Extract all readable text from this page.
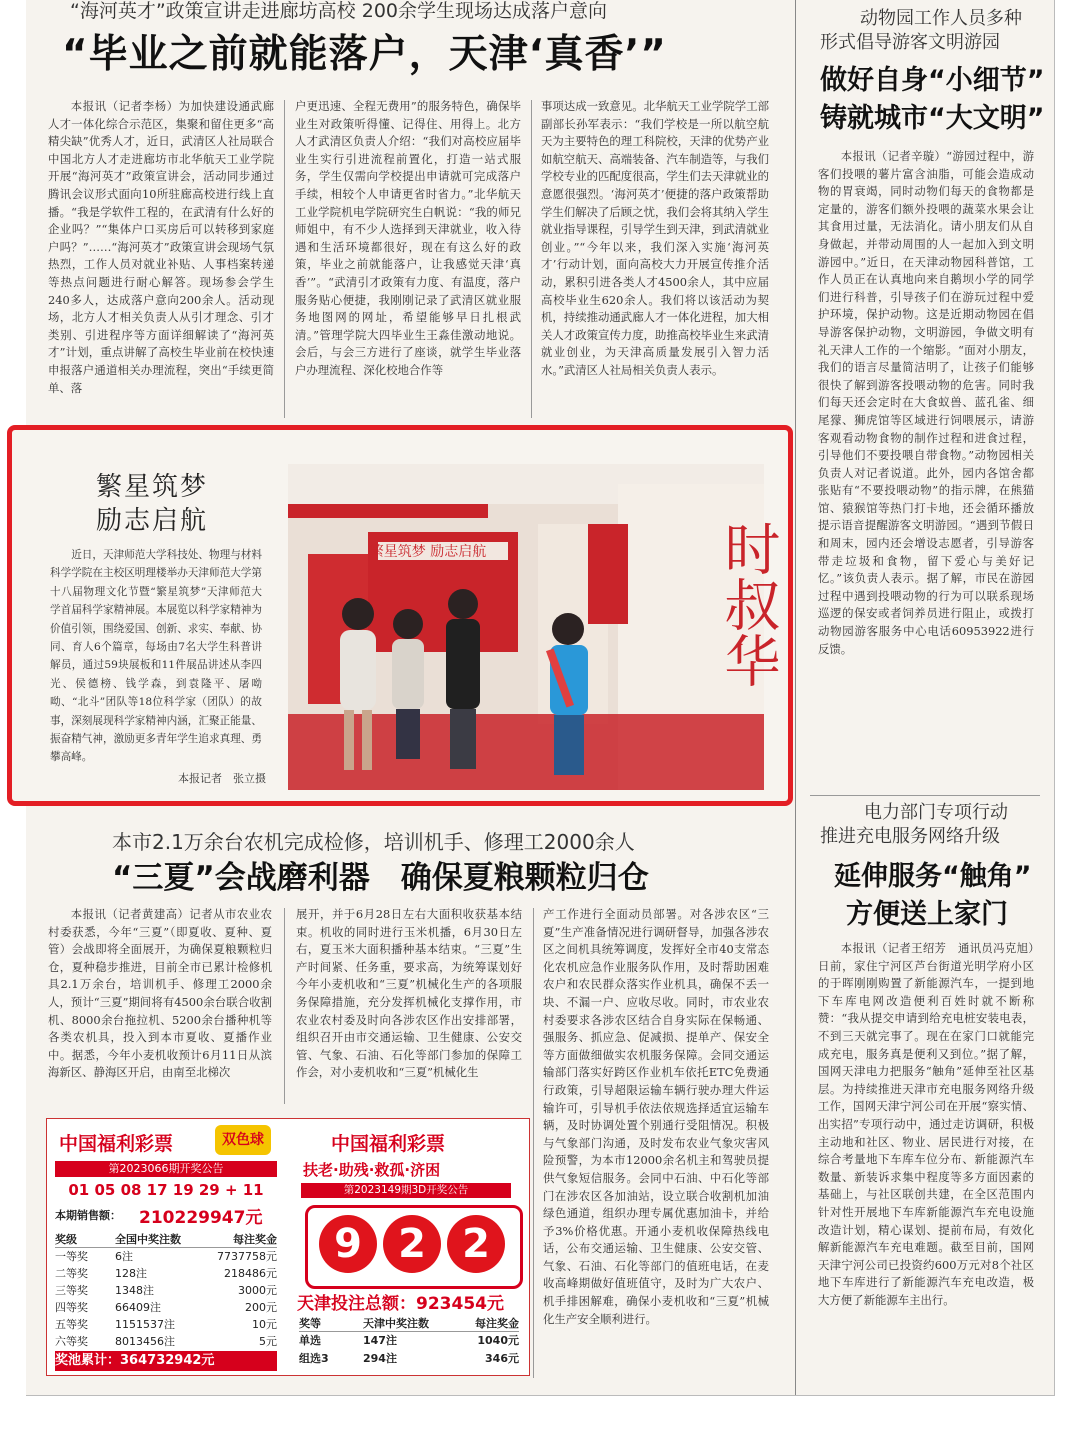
“海河英才”政策宣讲走进廊坊高校 200余学生现场达成落户意向
“毕业之前就能落户，天津‘真香’”

本报讯（记者李杨）为加快建设通武廊人才一体化综合示范区，集聚和留住更多“高精尖缺”优秀人才，近日，武清区人社局联合中国北方人才走进廊坊市北华航天工业学院开展“海河英才”政策宣讲会，活动同步通过腾讯会议形式面向10所驻廊高校进行线上直播。“我是学软件工程的，在武清有什么好的企业吗？”“集体户口买房后可以转移到家庭户吗？”……“海河英才”政策宣讲会现场气氛热烈，工作人员对就业补贴、人事档案转递等热点问题进行耐心解答。现场参会学生240多人，达成落户意向200余人。活动现场，北方人才相关负责人从引才理念、引才类别、引进程序等方面详细解读了“海河英才”计划，重点讲解了高校生毕业前在校快速申报落户通道相关办理流程，突出“手续更简单、落

户更迅速、全程无费用”的服务特色，确保毕业生对政策听得懂、记得住、用得上。北方人才武清区负责人介绍：“我们对高校应届毕业生实行引进流程前置化，打造一站式服务，学生仅需向学校提出申请就可完成落户手续，相较个人申请更省时省力。”北华航天工业学院机电学院研究生白帆说：“我的师兄师姐中，有不少人选择到天津就业，收入待遇和生活环境都很好，现在有这么好的政策，毕业之前就能落户，让我感觉天津‘真香’”。“武清引才政策有力度、有温度，落户服务贴心便捷，我刚刚记录了武清区就业服务地图网的网址，希望能够早日扎根武清。”管理学院大四毕业生王淼佳激动地说。会后，与会三方进行了座谈，就学生毕业落户办理流程、深化校地合作等

事项达成一致意见。北华航天工业学院学工部副部长孙军表示：“我们学校是一所以航空航天为主要特色的理工科院校，天津的优势产业如航空航天、高端装备、汽车制造等，与我们学校专业的匹配度很高，学生们去天津就业的意愿很强烈。‘海河英才’便捷的落户政策帮助学生们解决了后顾之忧，我们会将其纳入学生就业指导课程，引导学生到天津，到武清就业创业。”“今年以来，我们深入实施‘海河英才’行动计划，面向高校大力开展宣传推介活动，累积引进各类人才4500余人，其中应届高校毕业生620余人。我们将以该活动为契机，持续推动通武廊人才一体化进程，加大相关人才政策宣传力度，助推高校毕业生来武清就业创业，为天津高质量发展引入智力活水。”武清区人社局相关负责人表示。

繁星筑梦
励志启航

近日，天津师范大学科技处、物理与材料科学学院在主校区明理楼举办天津师范大学第十八届物理文化节暨“繁星筑梦”天津师范大学首届科学家精神展。本展览以科学家精神为价值引领，围绕爱国、创新、求实、奉献、协同、育人6个篇章，每场由7名大学生科普讲解员，通过59块展板和11件展品讲述从李四光、侯德榜、钱学森，到袁隆平、屠呦呦、“北斗”团队等18位科学家（团队）的故事，深刻展现科学家精神内涵，汇聚正能量、振奋精气神，激励更多青年学生追求真理、勇攀高峰。

本报记者　张立摄
时叔华
繁星筑梦 励志启航
本市2.1万余台农机完成检修，培训机手、修理工2000余人
“三夏”会战磨利器　确保夏粮颗粒归仓

本报讯（记者黄建高）记者从市农业农村委获悉，今年“三夏”（即夏收、夏种、夏管）会战即将全面展开，为确保夏粮颗粒归仓，夏种稳步推进，目前全市已累计检修机具2.1万余台，培训机手、修理工2000余人，预计“三夏”期间将有4500余台联合收割机、8000余台拖拉机、5200余台播种机等各类农机具，投入到本市夏收、夏播作业中。据悉，今年小麦机收预计6月11日从滨海新区、静海区开启，由南至北梯次

展开，并于6月28日左右大面积收获基本结束。机收的同时进行玉米机播，6月30日左右，夏玉米大面积播种基本结束。“三夏”生产时间紧、任务重，要求高，为统筹谋划好今年小麦机收和“三夏”机械化生产的各项服务保障措施，充分发挥机械化支撑作用，市农业农村委及时向各涉农区作出安排部署，组织召开由市交通运输、卫生健康、公安交管、气象、石油、石化等部门参加的保障工作会，对小麦机收和“三夏”机械化生

产工作进行全面动员部署。对各涉农区“三夏”生产准备情况进行调研督导，加强各涉农区之间机具统筹调度，发挥好全市40支常态化农机应急作业服务队作用，及时帮助困难农户和农民群众落实作业机具，确保不丢一块、不漏一户、应收尽收。同时，市农业农村委要求各涉农区结合自身实际在保畅通、强服务、抓应急、促减损、提单产、保安全等方面做细做实农机服务保障。会同交通运输部门落实好跨区作业机车依托ETC免费通行政策，引导超限运输车辆行驶办理大件运输许可，引导机手依法依规选择适宜运输车辆，及时协调处置个别通行受阻情况。积极与气象部门沟通，及时发布农业气象灾害风险预警，为本市12000余名机主和驾驶员提供气象短信服务。会同中石油、中石化等部门在涉农区各加油站，设立联合收割机加油绿色通道，组织办理专属优惠加油卡，并给予3%价格优惠。开通小麦机收保障热线电话，公布交通运输、卫生健康、公安交管、气象、石油、石化等部门的值班电话，在麦收高峰期做好值班值守，及时为广大农户、机手排困解难，确保小麦机收和“三夏”机械化生产安全顺利进行。

中国福利彩票	双色球
第2023066期开奖公告
01 05 08 17 19 29 + 11
本期销售额： 210229947元
奖级	全国中奖注数	每注奖金
一等奖	6注	7737758元
二等奖	128注	218486元
三等奖	1348注	3000元
四等奖	66409注	200元
五等奖	1151537注	10元
六等奖	8013456注	5元
奖池累计：364732942元
中国福利彩票
扶老·助残·救孤·济困
第2023149期3D开奖公告
9 2 2
天津投注总额：923454元
奖等	天津中奖注数	每注奖金
单选	147注	1040元
组选3	294注	346元
动物园工作人员多种
形式倡导游客文明游园
做好自身“小细节”
铸就城市“大文明”

本报讯（记者辛璇）“游园过程中，游客们投喂的薯片富含油脂，可能会造成动物的胃衰竭，同时动物们每天的食物都是定量的，游客们额外投喂的蔬菜水果会让其食用过量，无法消化。请小朋友们从自身做起，并带动周围的人一起加入到文明游园中。”近日，在天津动物园科普馆，工作人员正在认真地向来自鹅坝小学的同学们进行科普，引导孩子们在游玩过程中爱护环境，保护动物。这是近期动物园在倡导游客保护动物，文明游园，争做文明有礼天津人工作的一个缩影。“面对小朋友，我们的语言尽量简洁明了，让孩子们能够很快了解到游客投喂动物的危害。同时我们每天还会定时在大食蚁兽、蓝孔雀、细尾獴、狮虎馆等区域进行饲喂展示，请游客观看动物食物的制作过程和进食过程，引导他们不要投喂自带食物。”动物园相关负责人对记者说道。此外，园内各馆舍都张贴有“不要投喂动物”的指示牌，在熊猫馆、猿猴馆等热门打卡地，还会循环播放提示语音提醒游客文明游园。“遇到节假日和周末，园内还会增设志愿者，引导游客带走垃圾和食物，留下爱心与美好记忆。”该负责人表示。据了解，市民在游园过程中遇到投喂动物的行为可以联系现场巡逻的保安或者饲养员进行阻止，或拨打动物园游客服务中心电话60953922进行反馈。

电力部门专项行动
推进充电服务网络升级
延伸服务“触角”
方便送上家门

本报讯（记者王绍芳　通讯员冯克旭）日前，家住宁河区芦台街道光明学府小区的于晖刚刚购置了新能源汽车，一提到地下车库电网改造便利百姓时就不断称赞：“我从提交申请到给充电桩安装电表，不到三天就完事了。现在在家门口就能完成充电，服务真是便利又到位。”据了解，国网天津电力把服务“触角”延伸至社区基层。为持续推进天津市充电服务网络升级工作，国网天津宁河公司在开展“察实情、出实招”专项行动中，通过走访调研，积极主动地和社区、物业、居民进行对接，在综合考量地下车库车位分布、新能源汽车数量、新装诉求集中程度等多方面因素的基础上，与社区联创共建，在全区范围内针对性开展地下车库新能源汽车充电设施改造计划，精心谋划、提前布局，有效化解新能源汽车充电难题。截至目前，国网天津宁河公司已投资约600万元对8个社区地下车库进行了新能源汽车充电改造，极大方便了新能源车主出行。
